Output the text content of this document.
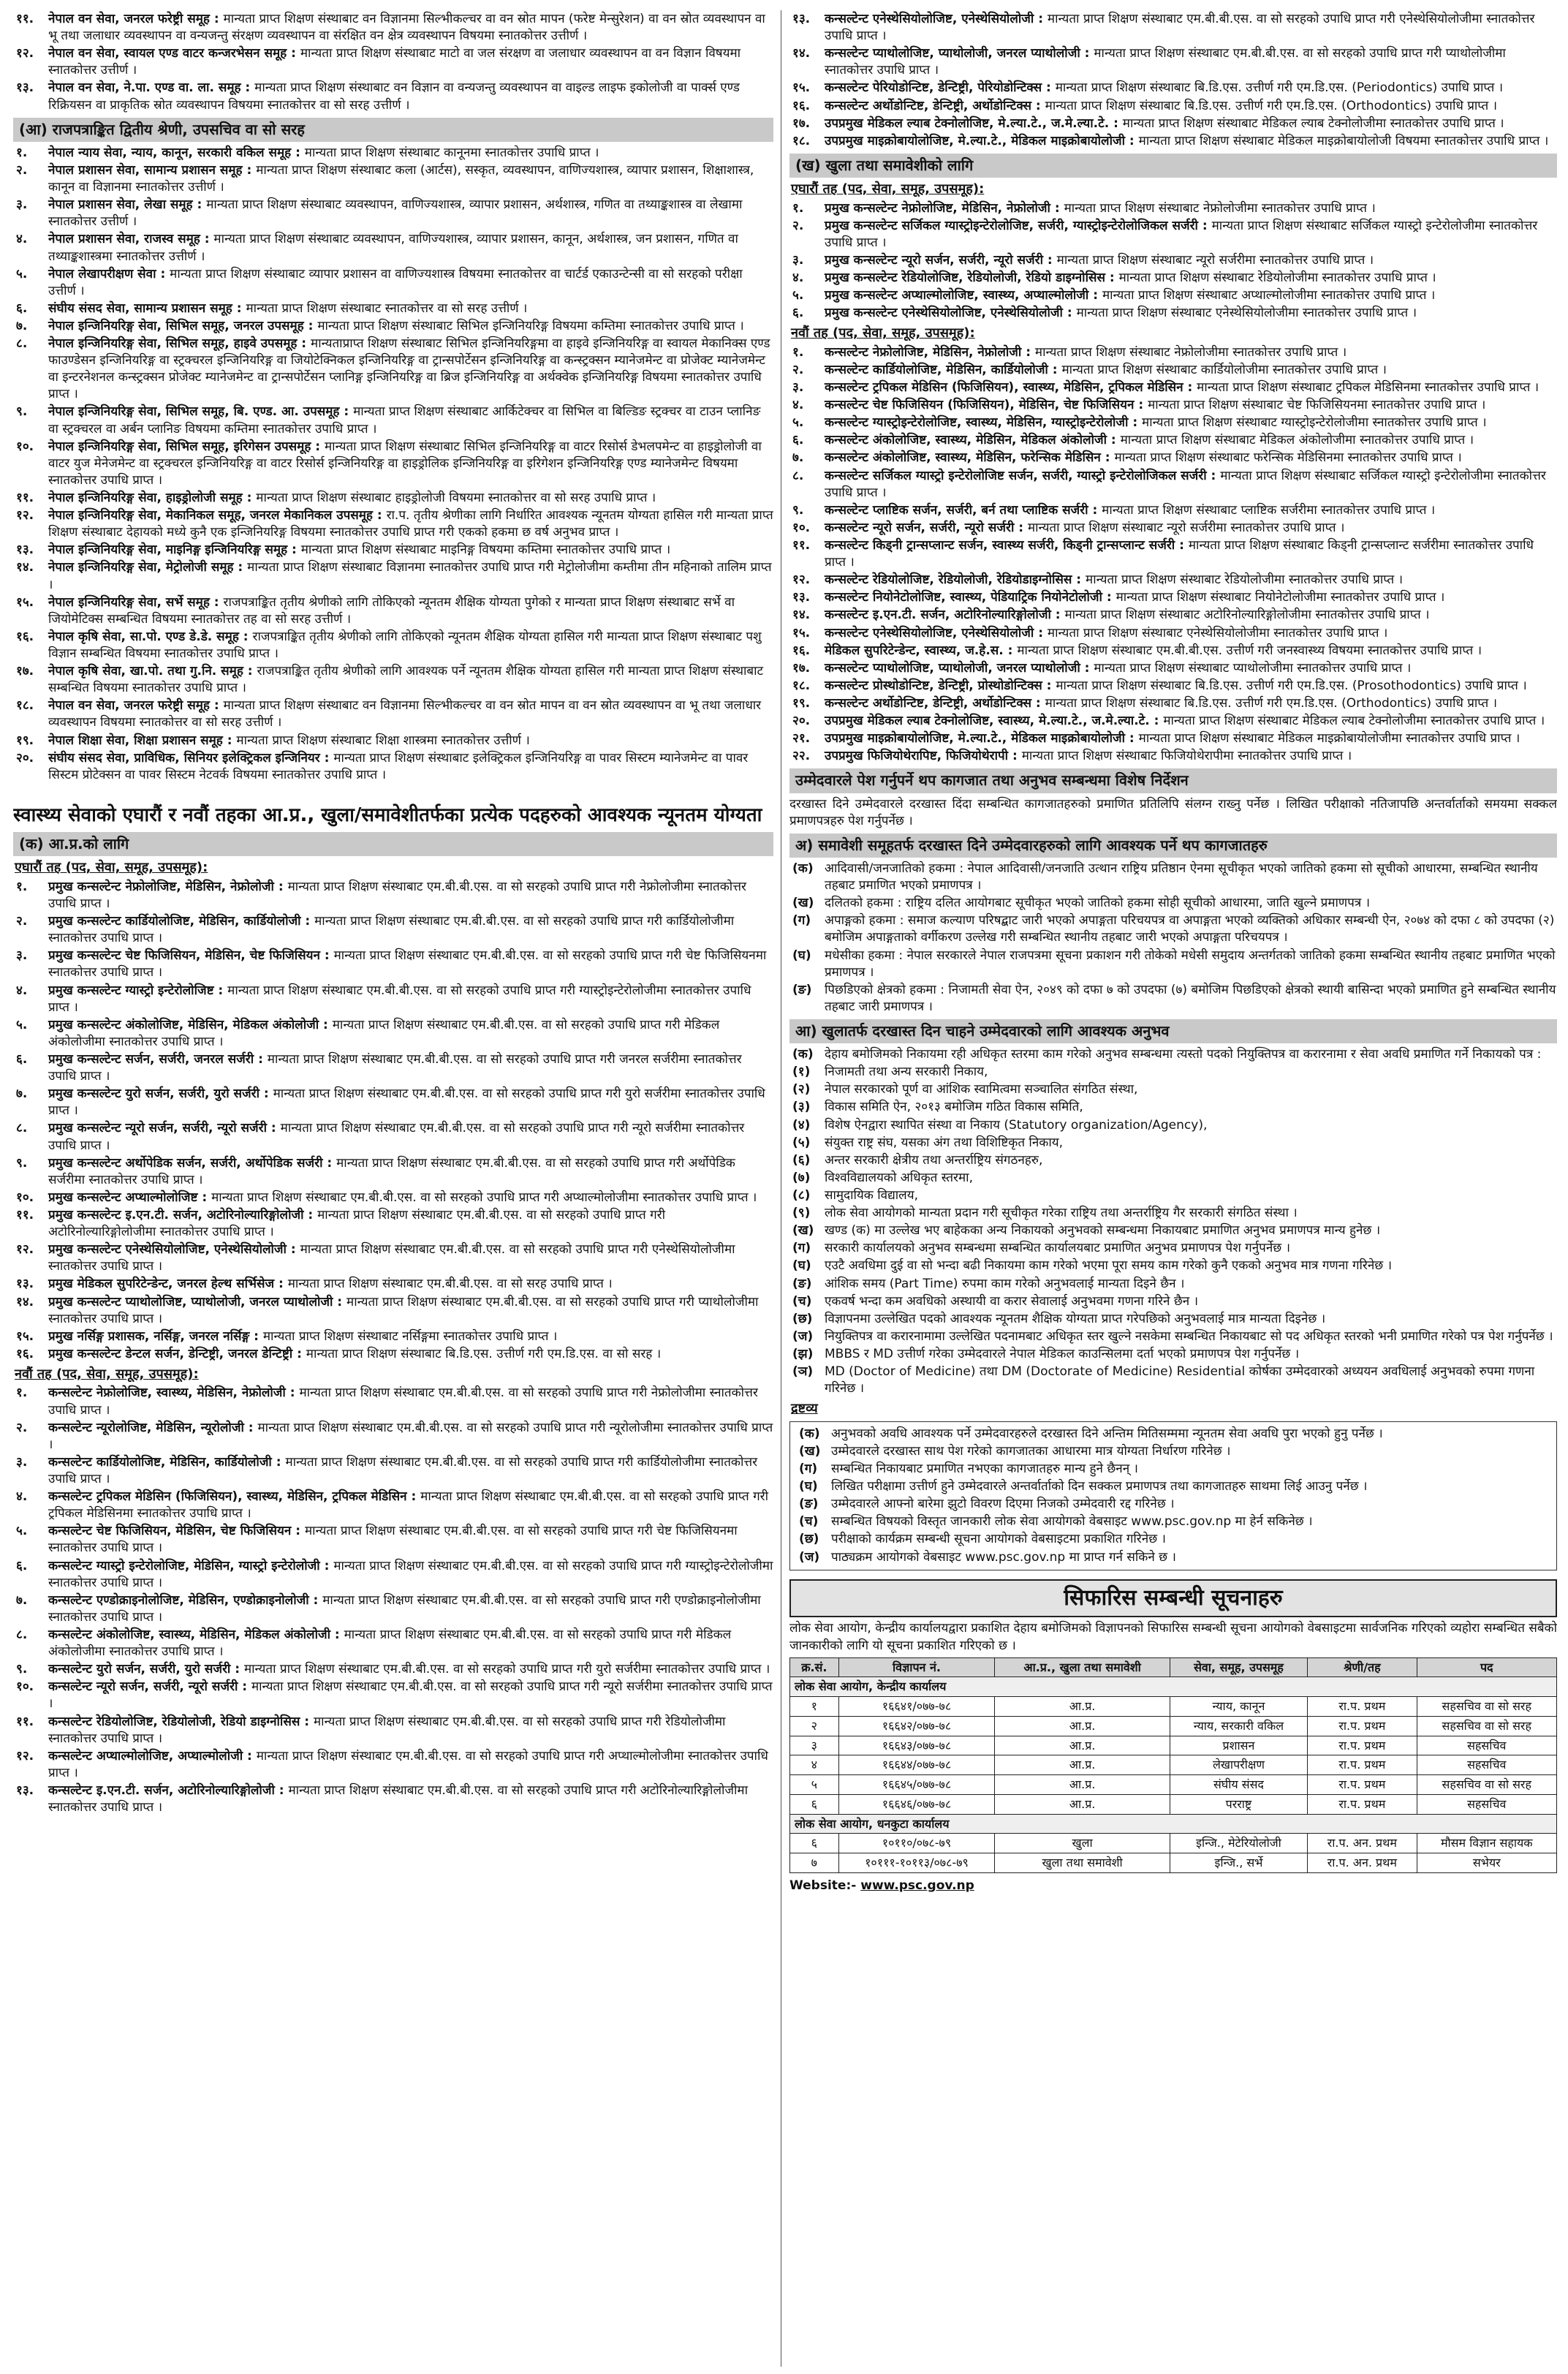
११.	नेपाल वन सेवा, जनरल फरेष्ट्री समूह : मान्यता प्राप्त शिक्षण संस्थाबाट वन विज्ञानमा सिल्भीकल्चर वा वन स्रोत मापन (फरेष्ट मेन्सुरेशन) वा वन स्रोत व्यवस्थापन वा भू तथा जलाधार व्यवस्थापन वा वन्यजन्तु संरक्षण व्यवस्थापन वा संरक्षित वन क्षेत्र व्यवस्थापन विषयमा स्नातकोत्तर उत्तीर्ण ।
१२.	नेपाल वन सेवा, स्वायल एण्ड वाटर कन्जरभेसन समूह : मान्यता प्राप्त शिक्षण संस्थाबाट माटो वा जल संरक्षण वा जलाधार व्यवस्थापन वा वन विज्ञान विषयमा स्नातकोत्तर उत्तीर्ण ।
१३.	नेपाल वन सेवा, ने.पा. एण्ड वा. ला. समूह : मान्यता प्राप्त शिक्षण संस्थाबाट वन विज्ञान वा वन्यजन्तु व्यवस्थापन वा वाइल्ड लाइफ इकोलोजी वा पार्क्स एण्ड रिक्रियसन वा प्राकृतिक स्रोत व्यवस्थापन विषयमा स्नातकोत्तर वा सो सरह उत्तीर्ण ।
(आ) राजपत्राङ्कित द्वितीय श्रेणी, उपसचिव वा सो सरह
१.	नेपाल न्याय सेवा, न्याय, कानून, सरकारी वकिल समूह : मान्यता प्राप्त शिक्षण संस्थाबाट कानूनमा स्नातकोत्तर उपाधि प्राप्त ।
२.	नेपाल प्रशासन सेवा, सामान्य प्रशासन समूह : मान्यता प्राप्त शिक्षण संस्थाबाट कला (आर्टस), सस्कृत, व्यवस्थापन, वाणिज्यशास्त्र, व्यापार प्रशासन, शिक्षाशास्त्र, कानून वा विज्ञानमा स्नातकोत्तर उत्तीर्ण ।
३.	नेपाल प्रशासन सेवा, लेखा समूह : मान्यता प्राप्त शिक्षण संस्थाबाट व्यवस्थापन, वाणिज्यशास्त्र, व्यापार प्रशासन, अर्थशास्त्र, गणित वा तथ्याङ्कशास्त्र वा लेखामा स्नातकोत्तर उत्तीर्ण ।
४.	नेपाल प्रशासन सेवा, राजस्व समूह : मान्यता प्राप्त शिक्षण संस्थाबाट व्यवस्थापन, वाणिज्यशास्त्र, व्यापार प्रशासन, कानून, अर्थशास्त्र, जन प्रशासन, गणित वा तथ्याङ्कशास्त्रमा स्नातकोत्तर उत्तीर्ण ।
५.	नेपाल लेखापरीक्षण सेवा : मान्यता प्राप्त शिक्षण संस्थाबाट व्यापार प्रशासन वा वाणिज्यशास्त्र विषयमा स्नातकोत्तर वा चार्टर्ड एकाउन्टेन्सी वा सो सरहको परीक्षा उत्तीर्ण ।
६.	संघीय संसद सेवा, सामान्य प्रशासन समूह : मान्यता प्राप्त शिक्षण संस्थाबाट स्नातकोत्तर वा सो सरह उत्तीर्ण ।
७.	नेपाल इन्जिनियरिङ्ग सेवा, सिभिल समूह, जनरल उपसमूह : मान्यता प्राप्त शिक्षण संस्थाबाट सिभिल इन्जिनियरिङ्ग विषयमा कम्तिमा स्नातकोत्तर उपाधि प्राप्त ।
८.	नेपाल इन्जिनियरिङ्ग सेवा, सिभिल समूह, हाइवे उपसमूह : मान्यताप्राप्त शिक्षण संस्थाबाट सिभिल इन्जिनियरिङ्गमा वा हाइवे इन्जिनियरिङ्ग वा स्वायल मेकानिक्स एण्ड फाउण्डेसन इन्जिनियरिङ्ग वा स्ट्रक्चरल इन्जिनियरिङ्ग वा जियोटेक्निकल इन्जिनियरिङ्ग वा ट्रान्सपोर्टेसन इन्जिनियरिङ्ग वा कन्स्ट्रक्सन म्यानेजमेन्ट वा प्रोजेक्ट म्यानेजमेन्ट वा इन्टरनेशनल कन्स्ट्रक्सन प्रोजेक्ट म्यानेजमेन्ट वा ट्रान्सपोर्टेसन प्लानिङ्ग इन्जिनियरिङ्ग वा ब्रिज इन्जिनियरिङ्ग वा अर्थक्वेक इन्जिनियरिङ्ग विषयमा स्नातकोत्तर उपाधि प्राप्त ।
९.	नेपाल इन्जिनियरिङ्ग सेवा, सिभिल समूह, बि. एण्ड. आ. उपसमूह : मान्यता प्राप्त शिक्षण संस्थाबाट आर्किटेक्चर वा सिभिल वा बिल्डिङ स्ट्रक्चर वा टाउन प्लानिङ वा स्ट्रक्चरल वा अर्बन प्लानिङ विषयमा कम्तिमा स्नातकोत्तर उपाधि प्राप्त ।
१०.	नेपाल इन्जिनियरिङ्ग सेवा, सिभिल समूह, इरिगेसन उपसमूह : मान्यता प्राप्त शिक्षण संस्थाबाट सिभिल इन्जिनियरिङ्ग वा वाटर रिसोर्स डेभलपमेन्ट वा हाइड्रोलोजी वा वाटर युज मेनेजमेन्ट वा स्ट्रक्चरल इन्जिनियरिङ्ग वा वाटर रिसोर्स इन्जिनियरिङ्ग वा हाइड्रोलिक इन्जिनियरिङ्ग वा इरिगेशन इन्जिनियरिङ्ग एण्ड म्यानेजमेन्ट विषयमा स्नातकोत्तर उपाधि प्राप्त ।
११.	नेपाल इन्जिनियरिङ्ग सेवा, हाइड्रोलोजी समूह : मान्यता प्राप्त शिक्षण संस्थाबाट हाइड्रोलोजी विषयमा स्नातकोत्तर वा सो सरह उपाधि प्राप्त ।
१२.	नेपाल इन्जिनियरिङ्ग सेवा, मेकानिकल समूह, जनरल मेकानिकल उपसमूह : रा.प. तृतीय श्रेणीका लागि निर्धारित आवश्यक न्यूनतम योग्यता हासिल गरी मान्यता प्राप्त शिक्षण संस्थाबाट देहायको मध्ये कुनै एक इन्जिनियरिङ्ग विषयमा स्नातकोत्तर उपाधि प्राप्त गरी एकको हकमा छ वर्ष अनुभव प्राप्त ।
१३.	नेपाल इन्जिनियरिङ्ग सेवा, माइनिङ्ग इन्जिनियरिङ्ग समूह : मान्यता प्राप्त शिक्षण संस्थाबाट माइनिङ्ग विषयमा कम्तिमा स्नातकोत्तर उपाधि प्राप्त ।
१४.	नेपाल इन्जिनियरिङ्ग सेवा, मेट्रोलोजी समूह : मान्यता प्राप्त शिक्षण संस्थाबाट विज्ञानमा स्नातकोत्तर उपाधि प्राप्त गरी मेट्रोलोजीमा कम्तीमा तीन महिनाको तालिम प्राप्त ।
१५.	नेपाल इन्जिनियरिङ्ग सेवा, सर्भे समूह : राजपत्राङ्कित तृतीय श्रेणीको लागि तोकिएको न्यूनतम शैक्षिक योग्यता पुगेको र मान्यता प्राप्त शिक्षण संस्थाबाट सर्भे वा जियोमेटिक्स सम्बन्धित विषयमा स्नातकोत्तर तह वा सो सरह उत्तीर्ण ।
१६.	नेपाल कृषि सेवा, सा.पो. एण्ड डे.डे. समूह : राजपत्राङ्कित तृतीय श्रेणीको लागि तोकिएको न्यूनतम शैक्षिक योग्यता हासिल गरी मान्यता प्राप्त शिक्षण संस्थाबाट पशु विज्ञान सम्बन्धित विषयमा स्नातकोत्तर उपाधि प्राप्त ।
१७.	नेपाल कृषि सेवा, खा.पो. तथा गु.नि. समूह : राजपत्राङ्कित तृतीय श्रेणीको लागि आवश्यक पर्ने न्यूनतम शैक्षिक योग्यता हासिल गरी मान्यता प्राप्त शिक्षण संस्थाबाट सम्बन्धित विषयमा स्नातकोत्तर उपाधि प्राप्त ।
१८.	नेपाल वन सेवा, जनरल फरेष्ट्री समूह : मान्यता प्राप्त शिक्षण संस्थाबाट वन विज्ञानमा सिल्भीकल्चर वा वन स्रोत मापन वा वन स्रोत व्यवस्थापन वा भू तथा जलाधार व्यवस्थापन विषयमा स्नातकोत्तर वा सो सरह उत्तीर्ण ।
१९.	नेपाल शिक्षा सेवा, शिक्षा प्रशासन समूह : मान्यता प्राप्त शिक्षण संस्थाबाट शिक्षा शास्त्रमा स्नातकोत्तर उत्तीर्ण ।
२०.	संघीय संसद सेवा, प्राविधिक, सिनियर इलेक्ट्रिकल इन्जिनियर : मान्यता प्राप्त शिक्षण संस्थाबाट इलेक्ट्रिकल इन्जिनियरिङ्ग वा पावर सिस्टम म्यानेजमेन्ट वा पावर सिस्टम प्रोटेक्सन वा पावर सिस्टम नेटवर्क विषयमा स्नातकोत्तर उपाधि प्राप्त ।
स्वास्थ्य सेवाको एघारौं र नवौं तहका आ.प्र., खुला/समावेशीतर्फका प्रत्येक पदहरुको आवश्यक न्यूनतम योग्यता
(क) आ.प्र.को लागि
एघारौं तह (पद, सेवा, समूह, उपसमूह):
१.	प्रमुख कन्सल्टेन्ट नेफ्रोलोजिष्ट, मेडिसिन, नेफ्रोलोजी : मान्यता प्राप्त शिक्षण संस्थाबाट एम.बी.बी.एस. वा सो सरहको उपाधि प्राप्त गरी नेफ्रोलोजीमा स्नातकोत्तर उपाधि प्राप्त ।
२.	प्रमुख कन्सल्टेन्ट कार्डियोलोजिष्ट, मेडिसिन, कार्डियोलोजी : मान्यता प्राप्त शिक्षण संस्थाबाट एम.बी.बी.एस. वा सो सरहको उपाधि प्राप्त गरी कार्डियोलोजीमा स्नातकोत्तर उपाधि प्राप्त ।
३.	प्रमुख कन्सल्टेन्ट चेष्ट फिजिसियन, मेडिसिन, चेष्ट फिजिसियन : मान्यता प्राप्त शिक्षण संस्थाबाट एम.बी.बी.एस. वा सो सरहको उपाधि प्राप्त गरी चेष्ट फिजिसियनमा स्नातकोत्तर उपाधि प्राप्त ।
४.	प्रमुख कन्सल्टेन्ट ग्यास्ट्रो इन्टेरोलोजिष्ट : मान्यता प्राप्त शिक्षण संस्थाबाट एम.बी.बी.एस. वा सो सरहको उपाधि प्राप्त गरी ग्यास्ट्रोइन्टेरोलोजीमा स्नातकोत्तर उपाधि प्राप्त ।
५.	प्रमुख कन्सल्टेन्ट अंकोलोजिष्ट, मेडिसिन, मेडिकल अंकोलोजी : मान्यता प्राप्त शिक्षण संस्थाबाट एम.बी.बी.एस. वा सो सरहको उपाधि प्राप्त गरी मेडिकल अंकोलोजीमा स्नातकोत्तर उपाधि प्राप्त ।
६.	प्रमुख कन्सल्टेन्ट सर्जन, सर्जरी, जनरल सर्जरी : मान्यता प्राप्त शिक्षण संस्थाबाट एम.बी.बी.एस. वा सो सरहको उपाधि प्राप्त गरी जनरल सर्जरीमा स्नातकोत्तर उपाधि प्राप्त ।
७.	प्रमुख कन्सल्टेन्ट युरो सर्जन, सर्जरी, युरो सर्जरी : मान्यता प्राप्त शिक्षण संस्थाबाट एम.बी.बी.एस. वा सो सरहको उपाधि प्राप्त गरी युरो सर्जरीमा स्नातकोत्तर उपाधि प्राप्त ।
८.	प्रमुख कन्सल्टेन्ट न्यूरो सर्जन, सर्जरी, न्यूरो सर्जरी : मान्यता प्राप्त शिक्षण संस्थाबाट एम.बी.बी.एस. वा सो सरहको उपाधि प्राप्त गरी न्यूरो सर्जरीमा स्नातकोत्तर उपाधि प्राप्त ।
९.	प्रमुख कन्सल्टेन्ट अर्थोपेडिक सर्जन, सर्जरी, अर्थोपेडिक सर्जरी : मान्यता प्राप्त शिक्षण संस्थाबाट एम.बी.बी.एस. वा सो सरहको उपाधि प्राप्त गरी अर्थोपेडिक सर्जरीमा स्नातकोत्तर उपाधि प्राप्त ।
१०.	प्रमुख कन्सल्टेन्ट अप्थाल्मोलोजिष्ट : मान्यता प्राप्त शिक्षण संस्थाबाट एम.बी.बी.एस. वा सो सरहको उपाधि प्राप्त गरी अप्थाल्मोलोजीमा स्नातकोत्तर उपाधि प्राप्त ।
११.	प्रमुख कन्सल्टेन्ट इ.एन.टी. सर्जन, अटोरिनोल्यारिङ्गोलोजी : मान्यता प्राप्त शिक्षण संस्थाबाट एम.बी.बी.एस. वा सो सरहको उपाधि प्राप्त गरी अटोरिनोल्यारिङ्गोलोजीमा स्नातकोत्तर उपाधि प्राप्त ।
१२.	प्रमुख कन्सल्टेन्ट एनेस्थेसियोलोजिष्ट, एनेस्थेसियोलोजी : मान्यता प्राप्त शिक्षण संस्थाबाट एम.बी.बी.एस. वा सो सरहको उपाधि प्राप्त गरी एनेस्थेसियोलोजीमा स्नातकोत्तर उपाधि प्राप्त ।
१३.	प्रमुख मेडिकल सुपरिटेन्डेन्ट, जनरल हेल्थ सर्भिसेज : मान्यता प्राप्त शिक्षण संस्थाबाट एम.बी.बी.एस. वा सो सरह उपाधि प्राप्त ।
१४.	प्रमुख कन्सल्टेन्ट प्याथोलोजिष्ट, प्याथोलोजी, जनरल प्याथोलोजी : मान्यता प्राप्त शिक्षण संस्थाबाट एम.बी.बी.एस. वा सो सरहको उपाधि प्राप्त गरी प्याथोलोजीमा स्नातकोत्तर उपाधि प्राप्त ।
१५.	प्रमुख नर्सिङ्ग प्रशासक, नर्सिङ्ग, जनरल नर्सिङ्ग : मान्यता प्राप्त शिक्षण संस्थाबाट नर्सिङ्गमा स्नातकोत्तर उपाधि प्राप्त ।
१६.	प्रमुख कन्सल्टेन्ट डेन्टल सर्जन, डेन्टिष्ट्री, जनरल डेन्टिष्ट्री : मान्यता प्राप्त शिक्षण संस्थाबाट बि.डि.एस. उत्तीर्ण गरी एम.डि.एस. वा सो सरह ।
नवौं तह (पद, सेवा, समूह, उपसमूह):
१.	कन्सल्टेन्ट नेफ्रोलोजिष्ट, स्वास्थ्य, मेडिसिन, नेफ्रोलोजी : मान्यता प्राप्त शिक्षण संस्थाबाट एम.बी.बी.एस. वा सो सरहको उपाधि प्राप्त गरी नेफ्रोलोजीमा स्नातकोत्तर उपाधि प्राप्त ।
२.	कन्सल्टेन्ट न्यूरोलोजिष्ट, मेडिसिन, न्यूरोलोजी : मान्यता प्राप्त शिक्षण संस्थाबाट एम.बी.बी.एस. वा सो सरहको उपाधि प्राप्त गरी न्यूरोलोजीमा स्नातकोत्तर उपाधि प्राप्त ।
३.	कन्सल्टेन्ट कार्डियोलोजिष्ट, मेडिसिन, कार्डियोलोजी : मान्यता प्राप्त शिक्षण संस्थाबाट एम.बी.बी.एस. वा सो सरहको उपाधि प्राप्त गरी कार्डियोलोजीमा स्नातकोत्तर उपाधि प्राप्त ।
४.	कन्सल्टेन्ट ट्रपिकल मेडिसिन (फिजिसियन), स्वास्थ्य, मेडिसिन, ट्रपिकल मेडिसिन : मान्यता प्राप्त शिक्षण संस्थाबाट एम.बी.बी.एस. वा सो सरहको उपाधि प्राप्त गरी ट्रपिकल मेडिसिनमा स्नातकोत्तर उपाधि प्राप्त ।
५.	कन्सल्टेन्ट चेष्ट फिजिसियन, मेडिसिन, चेष्ट फिजिसियन : मान्यता प्राप्त शिक्षण संस्थाबाट एम.बी.बी.एस. वा सो सरहको उपाधि प्राप्त गरी चेष्ट फिजिसियनमा स्नातकोत्तर उपाधि प्राप्त ।
६.	कन्सल्टेन्ट ग्यास्ट्रो इन्टेरोलोजिष्ट, मेडिसिन, ग्यास्ट्रो इन्टेरोलोजी : मान्यता प्राप्त शिक्षण संस्थाबाट एम.बी.बी.एस. वा सो सरहको उपाधि प्राप्त गरी ग्यास्ट्रोइन्टेरोलोजीमा स्नातकोत्तर उपाधि प्राप्त ।
७.	कन्सल्टेन्ट एण्डोक्राइनोलोजिष्ट, मेडिसिन, एण्डोक्राइनोलोजी : मान्यता प्राप्त शिक्षण संस्थाबाट एम.बी.बी.एस. वा सो सरहको उपाधि प्राप्त गरी एण्डोक्राइनोलोजीमा स्नातकोत्तर उपाधि प्राप्त ।
८.	कन्सल्टेन्ट अंकोलोजिष्ट, स्वास्थ्य, मेडिसिन, मेडिकल अंकोलोजी : मान्यता प्राप्त शिक्षण संस्थाबाट एम.बी.बी.एस. वा सो सरहको उपाधि प्राप्त गरी मेडिकल अंकोलोजीमा स्नातकोत्तर उपाधि प्राप्त ।
९.	कन्सल्टेन्ट युरो सर्जन, सर्जरी, युरो सर्जरी : मान्यता प्राप्त शिक्षण संस्थाबाट एम.बी.बी.एस. वा सो सरहको उपाधि प्राप्त गरी युरो सर्जरीमा स्नातकोत्तर उपाधि प्राप्त ।
१०.	कन्सल्टेन्ट न्यूरो सर्जन, सर्जरी, न्यूरो सर्जरी : मान्यता प्राप्त शिक्षण संस्थाबाट एम.बी.बी.एस. वा सो सरहको उपाधि प्राप्त गरी न्यूरो सर्जरीमा स्नातकोत्तर उपाधि प्राप्त ।
११.	कन्सल्टेन्ट रेडियोलोजिष्ट, रेडियोलोजी, रेडियो डाइग्नोसिस : मान्यता प्राप्त शिक्षण संस्थाबाट एम.बी.बी.एस. वा सो सरहको उपाधि प्राप्त गरी रेडियोलोजीमा स्नातकोत्तर उपाधि प्राप्त ।
१२.	कन्सल्टेन्ट अप्थाल्मोलोजिष्ट, अप्थाल्मोलोजी : मान्यता प्राप्त शिक्षण संस्थाबाट एम.बी.बी.एस. वा सो सरहको उपाधि प्राप्त गरी अप्थाल्मोलोजीमा स्नातकोत्तर उपाधि प्राप्त ।
१३.	कन्सल्टेन्ट इ.एन.टी. सर्जन, अटोरिनोल्यारिङ्गोलोजी : मान्यता प्राप्त शिक्षण संस्थाबाट एम.बी.बी.एस. वा सो सरहको उपाधि प्राप्त गरी अटोरिनोल्यारिङ्गोलोजीमा स्नातकोत्तर उपाधि प्राप्त ।
१३.	कन्सल्टेन्ट एनेस्थेसियोलोजिष्ट, एनेस्थेसियोलोजी : मान्यता प्राप्त शिक्षण संस्थाबाट एम.बी.बी.एस. वा सो सरहको उपाधि प्राप्त गरी एनेस्थेसियोलोजीमा स्नातकोत्तर उपाधि प्राप्त ।
१४.	कन्सल्टेन्ट प्याथोलोजिष्ट, प्याथोलोजी, जनरल प्याथोलोजी : मान्यता प्राप्त शिक्षण संस्थाबाट एम.बी.बी.एस. वा सो सरहको उपाधि प्राप्त गरी प्याथोलोजीमा स्नातकोत्तर उपाधि प्राप्त ।
१५.	कन्सल्टेन्ट पेरियोडोन्टिष्ट, डेन्टिष्ट्री, पेरियोडोन्टिक्स : मान्यता प्राप्त शिक्षण संस्थाबाट बि.डि.एस. उत्तीर्ण गरी एम.डि.एस. (Periodontics) उपाधि प्राप्त ।
१६.	कन्सल्टेन्ट अर्थोडोन्टिष्ट, डेन्टिष्ट्री, अर्थोडोन्टिक्स : मान्यता प्राप्त शिक्षण संस्थाबाट बि.डि.एस. उत्तीर्ण गरी एम.डि.एस. (Orthodontics) उपाधि प्राप्त ।
१७.	उपप्रमुख मेडिकल ल्याब टेक्नोलोजिष्ट, मे.ल्या.टे., ज.मे.ल्या.टे. : मान्यता प्राप्त शिक्षण संस्थाबाट मेडिकल ल्याब टेक्नोलोजीमा स्नातकोत्तर उपाधि प्राप्त ।
१८.	उपप्रमुख माइक्रोबायोलोजिष्ट, मे.ल्या.टे., मेडिकल माइक्रोबायोलोजी : मान्यता प्राप्त शिक्षण संस्थाबाट मेडिकल माइक्रोबायोलोजी विषयमा स्नातकोत्तर उपाधि प्राप्त ।
(ख) खुला तथा समावेशीको लागि
एघारौं तह (पद, सेवा, समूह, उपसमूह):
१.	प्रमुख कन्सल्टेन्ट नेफ्रोलोजिष्ट, मेडिसिन, नेफ्रोलोजी : मान्यता प्राप्त शिक्षण संस्थाबाट नेफ्रोलोजीमा स्नातकोत्तर उपाधि प्राप्त ।
२.	प्रमुख कन्सल्टेन्ट सर्जिकल ग्यास्ट्रोइन्टेरोलोजिष्ट, सर्जरी, ग्यास्ट्रोइन्टेरोलोजिकल सर्जरी : मान्यता प्राप्त शिक्षण संस्थाबाट सर्जिकल ग्यास्ट्रो इन्टेरोलोजीमा स्नातकोत्तर उपाधि प्राप्त ।
३.	प्रमुख कन्सल्टेन्ट न्यूरो सर्जन, सर्जरी, न्यूरो सर्जरी : मान्यता प्राप्त शिक्षण संस्थाबाट न्यूरो सर्जरीमा स्नातकोत्तर उपाधि प्राप्त ।
४.	प्रमुख कन्सल्टेन्ट रेडियोलोजिष्ट, रेडियोलोजी, रेडियो डाइग्नोसिस : मान्यता प्राप्त शिक्षण संस्थाबाट रेडियोलोजीमा स्नातकोत्तर उपाधि प्राप्त ।
५.	प्रमुख कन्सल्टेन्ट अप्थाल्मोलोजिष्ट, स्वास्थ्य, अप्थाल्मोलोजी : मान्यता प्राप्त शिक्षण संस्थाबाट अप्थाल्मोलोजीमा स्नातकोत्तर उपाधि प्राप्त ।
६.	प्रमुख कन्सल्टेन्ट एनेस्थेसियोलोजिष्ट, एनेस्थेसियोलोजी : मान्यता प्राप्त शिक्षण संस्थाबाट एनेस्थेसियोलोजीमा स्नातकोत्तर उपाधि प्राप्त ।
नवौं तह (पद, सेवा, समूह, उपसमूह):
१.	कन्सल्टेन्ट नेफ्रोलोजिष्ट, मेडिसिन, नेफ्रोलोजी : मान्यता प्राप्त शिक्षण संस्थाबाट नेफ्रोलोजीमा स्नातकोत्तर उपाधि प्राप्त ।
२.	कन्सल्टेन्ट कार्डियोलोजिष्ट, मेडिसिन, कार्डियोलोजी : मान्यता प्राप्त शिक्षण संस्थाबाट कार्डियोलोजीमा स्नातकोत्तर उपाधि प्राप्त ।
३.	कन्सल्टेन्ट ट्रपिकल मेडिसिन (फिजिसियन), स्वास्थ्य, मेडिसिन, ट्रपिकल मेडिसिन : मान्यता प्राप्त शिक्षण संस्थाबाट ट्रपिकल मेडिसिनमा स्नातकोत्तर उपाधि प्राप्त ।
४.	कन्सल्टेन्ट चेष्ट फिजिसियन (फिजिसियन), मेडिसिन, चेष्ट फिजिसियन : मान्यता प्राप्त शिक्षण संस्थाबाट चेष्ट फिजिसियनमा स्नातकोत्तर उपाधि प्राप्त ।
५.	कन्सल्टेन्ट ग्यास्ट्रोइन्टेरोलोजिष्ट, स्वास्थ्य, मेडिसिन, ग्यास्ट्रोइन्टेरोलोजी : मान्यता प्राप्त शिक्षण संस्थाबाट ग्यास्ट्रोइन्टेरोलोजीमा स्नातकोत्तर उपाधि प्राप्त ।
६.	कन्सल्टेन्ट अंकोलोजिष्ट, स्वास्थ्य, मेडिसिन, मेडिकल अंकोलोजी : मान्यता प्राप्त शिक्षण संस्थाबाट मेडिकल अंकोलोजीमा स्नातकोत्तर उपाधि प्राप्त ।
७.	कन्सल्टेन्ट अंकोलोजिष्ट, स्वास्थ्य, मेडिसिन, फरेन्सिक मेडिसिन : मान्यता प्राप्त शिक्षण संस्थाबाट फरेन्सिक मेडिसिनमा स्नातकोत्तर उपाधि प्राप्त ।
८.	कन्सल्टेन्ट सर्जिकल ग्यास्ट्रो इन्टेरोलोजिष्ट सर्जन, सर्जरी, ग्यास्ट्रो इन्टेरोलोजिकल सर्जरी : मान्यता प्राप्त शिक्षण संस्थाबाट सर्जिकल ग्यास्ट्रो इन्टेरोलोजीमा स्नातकोत्तर उपाधि प्राप्त ।
९.	कन्सल्टेन्ट प्लाष्टिक सर्जन, सर्जरी, बर्न तथा प्लाष्टिक सर्जरी : मान्यता प्राप्त शिक्षण संस्थाबाट प्लाष्टिक सर्जरीमा स्नातकोत्तर उपाधि प्राप्त ।
१०.	कन्सल्टेन्ट न्यूरो सर्जन, सर्जरी, न्यूरो सर्जरी : मान्यता प्राप्त शिक्षण संस्थाबाट न्यूरो सर्जरीमा स्नातकोत्तर उपाधि प्राप्त ।
११.	कन्सल्टेन्ट किड्नी ट्रान्सप्लान्ट सर्जन, स्वास्थ्य सर्जरी, किड्नी ट्रान्सप्लान्ट सर्जरी : मान्यता प्राप्त शिक्षण संस्थाबाट किड्नी ट्रान्सप्लान्ट सर्जरीमा स्नातकोत्तर उपाधि प्राप्त ।
१२.	कन्सल्टेन्ट रेडियोलोजिष्ट, रेडियोलोजी, रेडियोडाइग्नोसिस : मान्यता प्राप्त शिक्षण संस्थाबाट रेडियोलोजीमा स्नातकोत्तर उपाधि प्राप्त ।
१३.	कन्सल्टेन्ट नियोनेटोलोजिष्ट, स्वास्थ्य, पेडियाट्रिक नियोनेटोलोजी : मान्यता प्राप्त शिक्षण संस्थाबाट नियोनेटोलोजीमा स्नातकोत्तर उपाधि प्राप्त ।
१४.	कन्सल्टेन्ट इ.एन.टी. सर्जन, अटोरिनोल्यारिङ्गोलोजी : मान्यता प्राप्त शिक्षण संस्थाबाट अटोरिनोल्यारिङ्गोलोजीमा स्नातकोत्तर उपाधि प्राप्त ।
१५.	कन्सल्टेन्ट एनेस्थेसियोलोजिष्ट, एनेस्थेसियोलोजी : मान्यता प्राप्त शिक्षण संस्थाबाट एनेस्थेसियोलोजीमा स्नातकोत्तर उपाधि प्राप्त ।
१६.	मेडिकल सुपरिटेन्डेन्ट, स्वास्थ्य, ज.हे.स. : मान्यता प्राप्त शिक्षण संस्थाबाट एम.बी.बी.एस. उत्तीर्ण गरी जनस्वास्थ्य विषयमा स्नातकोत्तर उपाधि प्राप्त ।
१७.	कन्सल्टेन्ट प्याथोलोजिष्ट, प्याथोलोजी, जनरल प्याथोलोजी : मान्यता प्राप्त शिक्षण संस्थाबाट प्याथोलोजीमा स्नातकोत्तर उपाधि प्राप्त ।
१८.	कन्सल्टेन्ट प्रोस्थोडोन्टिष्ट, डेन्टिष्ट्री, प्रोस्थोडोन्टिक्स : मान्यता प्राप्त शिक्षण संस्थाबाट बि.डि.एस. उत्तीर्ण गरी एम.डि.एस. (Prosothodontics) उपाधि प्राप्त ।
१९.	कन्सल्टेन्ट अर्थोडोन्टिष्ट, डेन्टिष्ट्री, अर्थोडोन्टिक्स : मान्यता प्राप्त शिक्षण संस्थाबाट बि.डि.एस. उत्तीर्ण गरी एम.डि.एस. (Orthodontics) उपाधि प्राप्त ।
२०.	उपप्रमुख मेडिकल ल्याब टेक्नोलोजिष्ट, स्वास्थ्य, मे.ल्या.टे., ज.मे.ल्या.टे. : मान्यता प्राप्त शिक्षण संस्थाबाट मेडिकल ल्याब टेक्नोलोजीमा स्नातकोत्तर उपाधि प्राप्त ।
२१.	उपप्रमुख माइक्रोबायोलोजिष्ट, मे.ल्या.टे., मेडिकल माइक्रोबायोलोजी : मान्यता प्राप्त शिक्षण संस्थाबाट मेडिकल माइक्रोबायोलोजीमा स्नातकोत्तर उपाधि प्राप्त ।
२२.	उपप्रमुख फिजियोथेरापिष्ट, फिजियोथेरापी : मान्यता प्राप्त शिक्षण संस्थाबाट फिजियोथेरापीमा स्नातकोत्तर उपाधि प्राप्त ।
उम्मेदवारले पेश गर्नुपर्ने थप कागजात तथा अनुभव सम्बन्धमा विशेष निर्देशन
दरखास्त दिने उम्मेदवारले दरखास्त दिंदा सम्बन्धित कागजातहरुको प्रमाणित प्रतिलिपि संलग्न राख्नु पर्नेछ । लिखित परीक्षाको नतिजापछि अन्तर्वार्ताको समयमा सक्कल प्रमाणपत्रहरु पेश गर्नुपर्नेछ ।
अ) समावेशी समूहतर्फ दरखास्त दिने उम्मेदवारहरुको लागि आवश्यक पर्ने थप कागजातहरु
(क) आदिवासी/जनजातिको हकमा : नेपाल आदिवासी/जनजाति उत्थान राष्ट्रिय प्रतिष्ठान ऐनमा सूचीकृत भएको जातिको हकमा सो सूचीको आधारमा, सम्बन्धित स्थानीय तहबाट प्रमाणित भएको प्रमाणपत्र ।
(ख) दलितको हकमा : राष्ट्रिय दलित आयोगबाट सूचीकृत भएको जातिको हकमा सोही सूचीको आधारमा, जाति खुल्ने प्रमाणपत्र ।
(ग)	अपाङ्गको हकमा : समाज कल्याण परिषद्बाट जारी भएको अपाङ्गता परिचयपत्र वा अपाङ्गता भएको व्यक्तिको अधिकार सम्बन्धी ऐन, २०७४ को दफा ८ को उपदफा (२) बमोजिम अपाङ्गताको वर्गीकरण उल्लेख गरी सम्बन्धित स्थानीय तहबाट जारी भएको अपाङ्गता परिचयपत्र ।
(घ)	मधेसीका हकमा : नेपाल सरकारले नेपाल राजपत्रमा सूचना प्रकाशन गरी तोकेको मधेसी समुदाय अन्तर्गतको जातिको हकमा सम्बन्धित स्थानीय तहबाट प्रमाणित भएको प्रमाणपत्र ।
(ङ)	पिछडिएको क्षेत्रको हकमा : निजामती सेवा ऐन, २०४९ को दफा ७ को उपदफा (७) बमोजिम पिछडिएको क्षेत्रको स्थायी बासिन्दा भएको प्रमाणित हुने सम्बन्धित स्थानीय तहबाट जारी प्रमाणपत्र ।
आ) खुलातर्फ दरखास्त दिन चाहने उम्मेदवारको लागि आवश्यक अनुभव
(क) देहाय बमोजिमको निकायमा रही अधिकृत स्तरमा काम गरेको अनुभव सम्बन्धमा त्यस्तो पदको नियुक्तिपत्र वा करारनामा र सेवा अवधि प्रमाणित गर्ने निकायको पत्र :
(१)	निजामती तथा अन्य सरकारी निकाय,
(२)	नेपाल सरकारको पूर्ण वा आंशिक स्वामित्वमा सञ्चालित संगठित संस्था,
(३)	विकास समिति ऐन, २०१३ बमोजिम गठित विकास समिति,
(४)	विशेष ऐनद्वारा स्थापित संस्था वा निकाय (Statutory organization/Agency),
(५)	संयुक्त राष्ट्र संघ, यसका अंग तथा विशिष्टिकृत निकाय,
(६)	अन्तर सरकारी क्षेत्रीय तथा अन्तर्राष्ट्रिय संगठनहरु,
(७)	विश्वविद्यालयको अधिकृत स्तरमा,
(८)	सामुदायिक विद्यालय,
(९)	लोक सेवा आयोगको मान्यता प्रदान गरी सूचीकृत गरेका राष्ट्रिय तथा अन्तर्राष्ट्रिय गैर सरकारी संगठित संस्था ।
(ख) खण्ड (क) मा उल्लेख भए बाहेकका अन्य निकायको अनुभवको सम्बन्धमा निकायबाट प्रमाणित अनुभव प्रमाणपत्र मान्य हुनेछ ।
(ग)	सरकारी कार्यालयको अनुभव सम्बन्धमा सम्बन्धित कार्यालयबाट प्रमाणित अनुभव प्रमाणपत्र पेश गर्नुपर्नेछ ।
(घ)	एउटै अवधिमा दुई वा सो भन्दा बढी निकायमा काम गरेको भएमा पूरा समय काम गरेको कुनै एकको अनुभव मात्र गणना गरिनेछ ।
(ङ)	आंशिक समय (Part Time) रुपमा काम गरेको अनुभवलाई मान्यता दिइने छैन ।
(च)	एकवर्ष भन्दा कम अवधिको अस्थायी वा करार सेवालाई अनुभवमा गणना गरिने छैन ।
(छ) विज्ञापनमा उल्लेखित पदको आवश्यक न्यूनतम शैक्षिक योग्यता प्राप्त गरेपछिको अनुभवलाई मात्र मान्यता दिइनेछ ।
(ज) नियुक्तिपत्र वा करारनामामा उल्लेखित पदनामबाट अधिकृत स्तर खुल्ने नसकेमा सम्बन्धित निकायबाट सो पद अधिकृत स्तरको भनी प्रमाणित गरेको पत्र पेश गर्नुपर्नेछ ।
(झ) MBBS र MD उत्तीर्ण गरेका उम्मेदवारले नेपाल मेडिकल काउन्सिलमा दर्ता भएको प्रमाणपत्र पेश गर्नुपर्नेछ ।
(ञ) MD (Doctor of Medicine) तथा DM (Doctorate of Medicine) Residential कोर्षका उम्मेदवारको अध्ययन अवधिलाई अनुभवको रुपमा गणना गरिनेछ ।
द्रष्टव्य
(क) अनुभवको अवधि आवश्यक पर्ने उम्मेदवारहरुले दरखास्त दिने अन्तिम मितिसम्ममा न्यूनतम सेवा अवधि पुरा भएको हुनु पर्नेछ ।
(ख) उम्मेदवारले दरखास्त साथ पेश गरेको कागजातका आधारमा मात्र योग्यता निर्धारण गरिनेछ ।
(ग)	सम्बन्धित निकायबाट प्रमाणित नभएका कागजातहरु मान्य हुने छैनन् ।
(घ)	लिखित परीक्षामा उत्तीर्ण हुने उम्मेदवारले अन्तर्वार्ताको दिन सक्कल प्रमाणपत्र तथा कागजातहरु साथमा लिई आउनु पर्नेछ ।
(ङ)	उम्मेदवारले आफ्नो बारेमा झुटो विवरण दिएमा निजको उम्मेदवारी रद्द गरिनेछ ।
(च)	सम्बन्धित विषयको विस्तृत जानकारी लोक सेवा आयोगको वेबसाइट www.psc.gov.np मा हेर्न सकिनेछ ।
(छ) परीक्षाको कार्यक्रम सम्बन्धी सूचना आयोगको वेबसाइटमा प्रकाशित गरिनेछ ।
(ज) पाठ्यक्रम आयोगको वेबसाइट www.psc.gov.np मा प्राप्त गर्न सकिने छ ।
सिफारिस सम्बन्धी सूचनाहरु
लोक सेवा आयोग, केन्द्रीय कार्यालयद्वारा प्रकाशित देहाय बमोजिमको विज्ञापनको सिफारिस सम्बन्धी सूचना आयोगको वेबसाइटमा सार्वजनिक गरिएको व्यहोरा सम्बन्धित सबैको जानकारीको लागि यो सूचना प्रकाशित गरिएको छ ।
क्र.सं.	विज्ञापन नं.	आ.प्र., खुला तथा समावेशी	सेवा, समूह, उपसमूह	श्रेणी/तह	पद
लोक सेवा आयोग, केन्द्रीय कार्यालय					
१	१६६४१/०७७-७८	आ.प्र.	न्याय, कानून	रा.प. प्रथम	सहसचिव वा सो सरह
२	१६६४२/०७७-७८	आ.प्र.	न्याय, सरकारी वकिल	रा.प. प्रथम	सहसचिव वा सो सरह
३	१६६४३/०७७-७८	आ.प्र.	प्रशासन	रा.प. प्रथम	सहसचिव
४	१६६४४/०७७-७८	आ.प्र.	लेखापरीक्षण	रा.प. प्रथम	सहसचिव
५	१६६४५/०७७-७८	आ.प्र.	संघीय संसद	रा.प. प्रथम	सहसचिव वा सो सरह
६	१६६४६/०७७-७८	आ.प्र.	परराष्ट्र	रा.प. प्रथम	सहसचिव
लोक सेवा आयोग, धनकुटा कार्यालय					
६	१०११०/०७८-७९	खुला	इन्जि., मेटेरियोलोजी	रा.प. अन. प्रथम	मौसम विज्ञान सहायक
७	१०१११-१०११३/०७८-७९	खुला तथा समावेशी	इन्जि., सर्भे	रा.प. अन. प्रथम	सभेयर
Website:- www.psc.gov.np
